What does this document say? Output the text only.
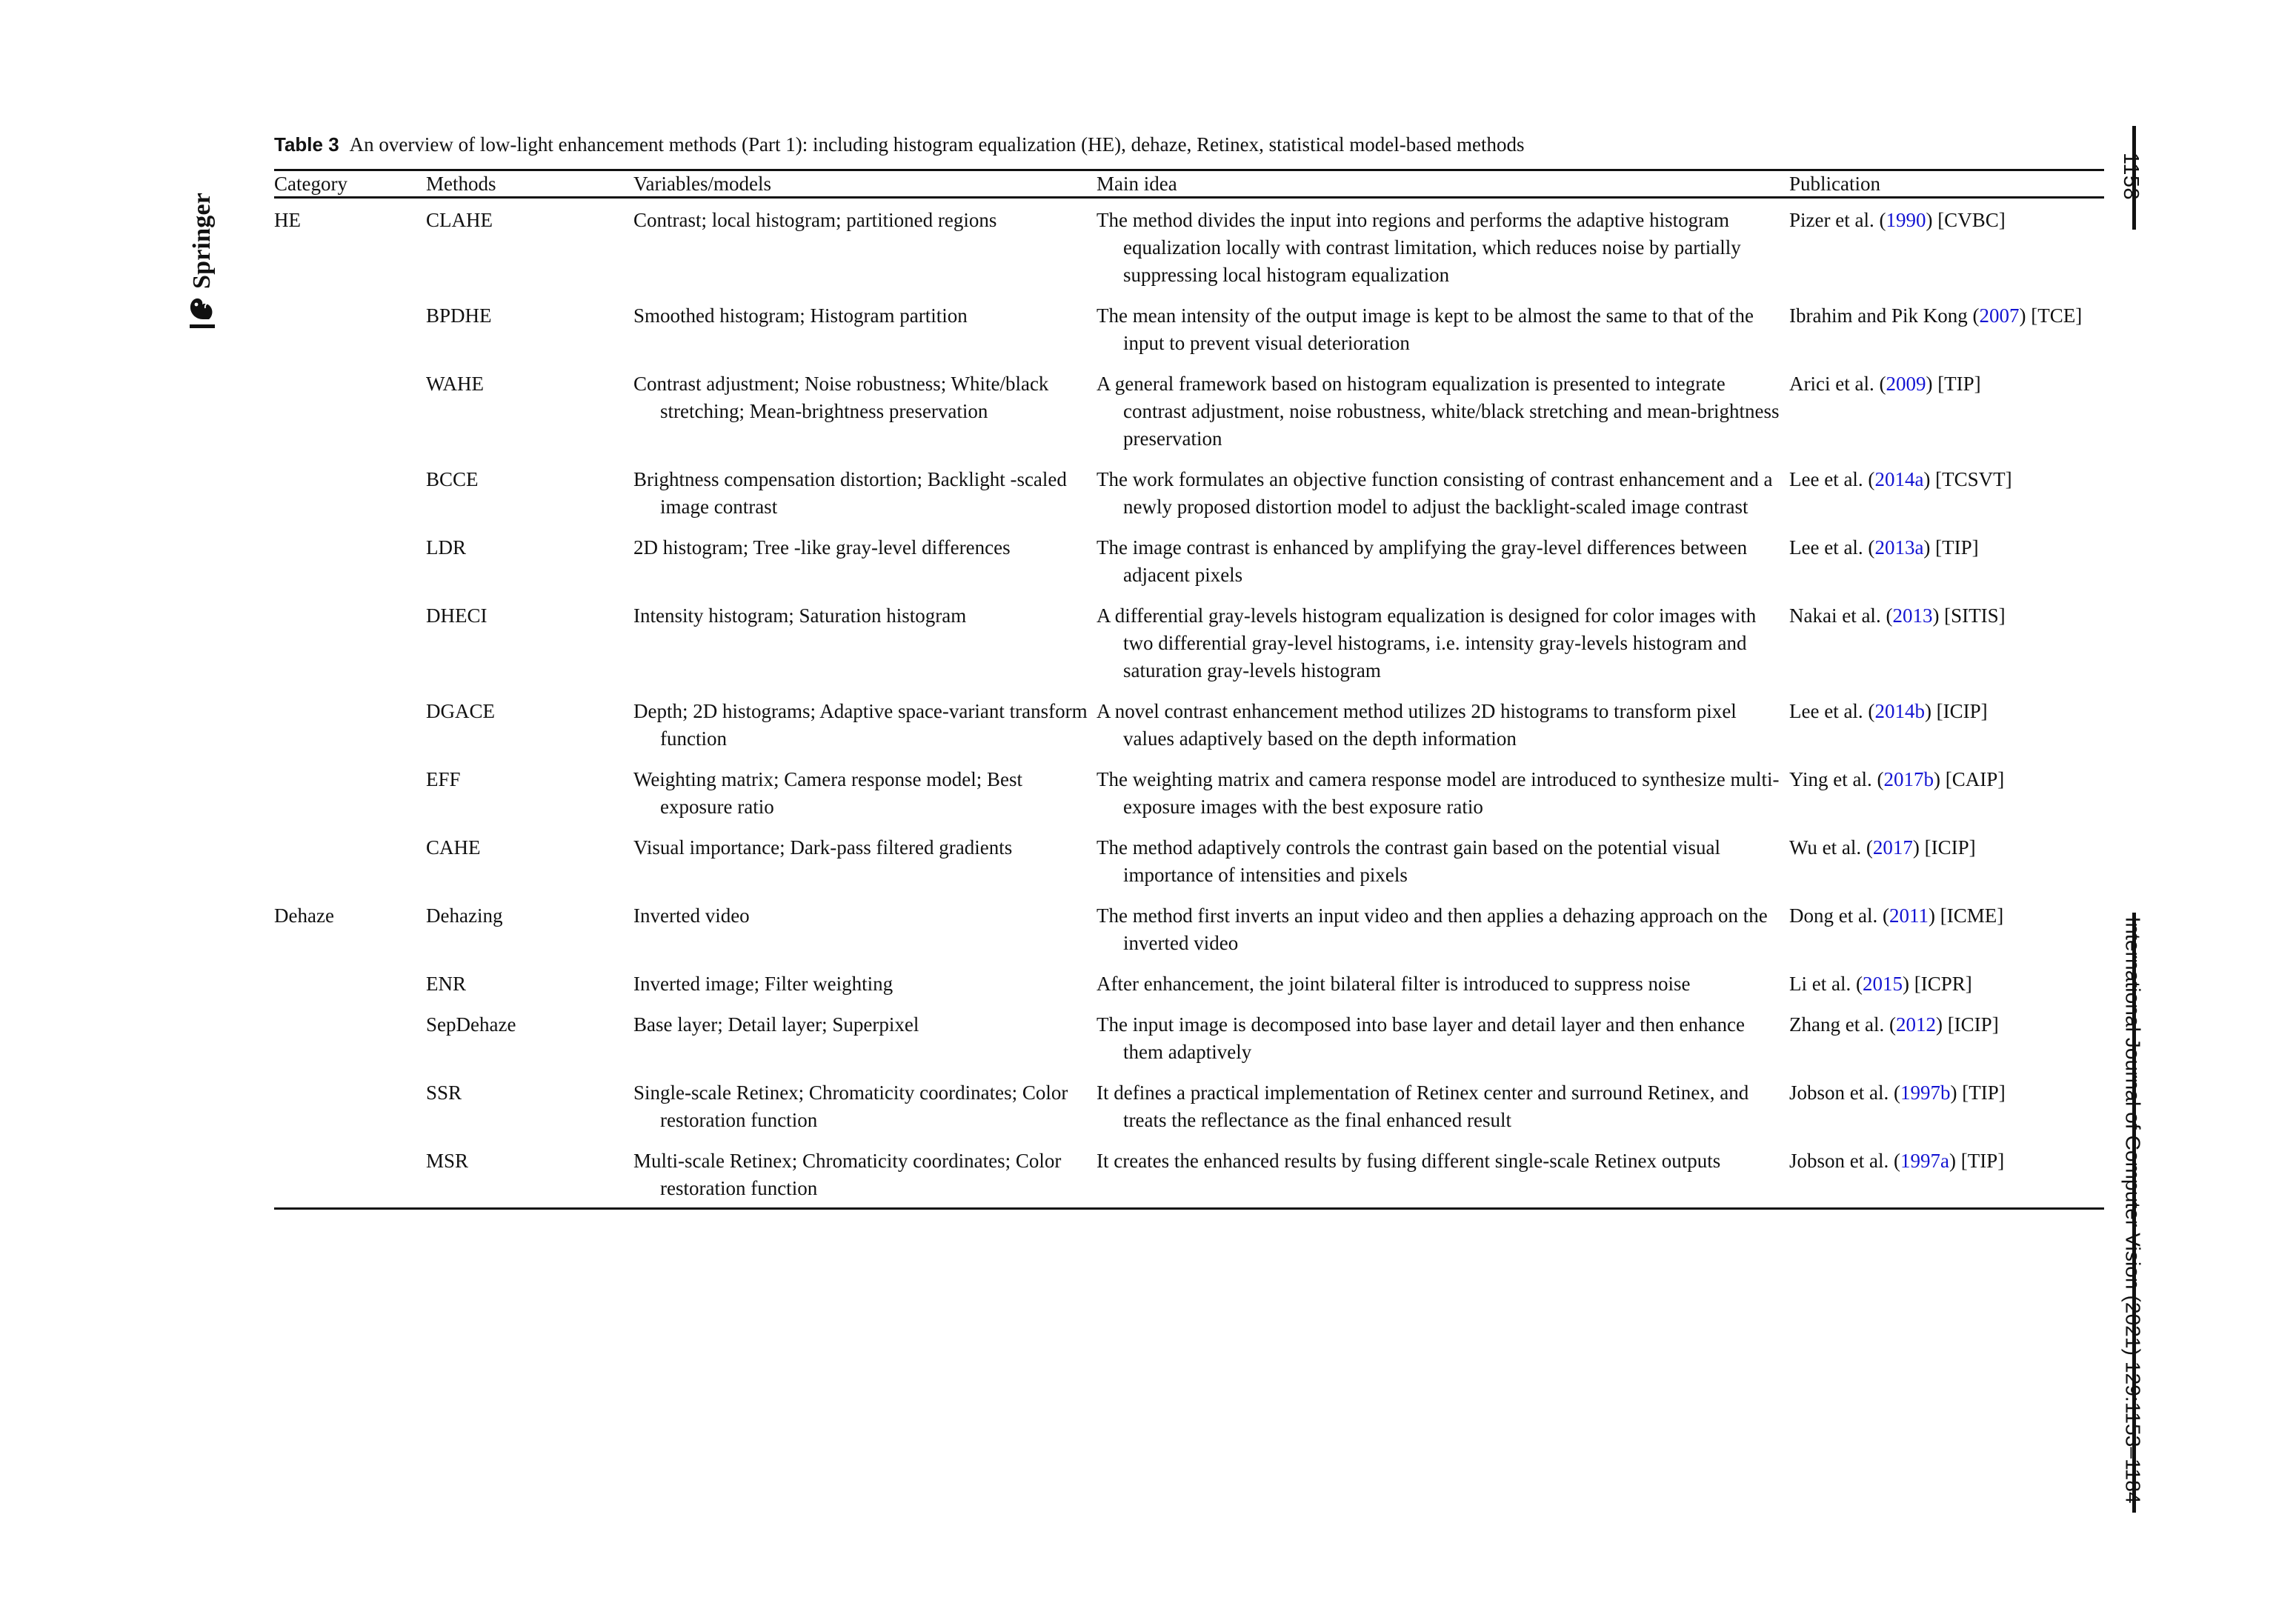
Springer
1158
International Journal of Computer Vision (2021) 129:1153–1184
Table 3 An overview of low-light enhancement methods (Part 1): including histogram equalization (HE), dehaze, Retinex, statistical model-based methods

Category	Methods	Variables/models	Main idea	Publication

HE	CLAHE	Contrast; local histogram; partitioned regions	The method divides the input into regions and performs the adaptive histogram equalization locally with contrast limitation, which reduces noise by partially suppressing local histogram equalization	Pizer et al. (1990) [CVBC]

	BPDHE	Smoothed histogram; Histogram partition	The mean intensity of the output image is kept to be almost the same to that of the input to prevent visual deterioration	Ibrahim and Pik Kong (2007) [TCE]

	WAHE	Contrast adjustment; Noise robustness; White/black stretching; Mean-brightness preservation	A general framework based on histogram equalization is presented to integrate contrast adjustment, noise robustness, white/black stretching and mean-brightness preservation	Arici et al. (2009) [TIP]

	BCCE	Brightness compensation distortion; Backlight -scaled image contrast	The work formulates an objective function consisting of contrast enhancement and a newly proposed distortion model to adjust the backlight-scaled image contrast	Lee et al. (2014a) [TCSVT]

	LDR	2D histogram; Tree -like gray-level differences	The image contrast is enhanced by amplifying the gray-level differences between adjacent pixels	Lee et al. (2013a) [TIP]

	DHECI	Intensity histogram; Saturation histogram	A differential gray-levels histogram equalization is designed for color images with two differential gray-level histograms, i.e. intensity gray-levels histogram and saturation gray-levels histogram	Nakai et al. (2013) [SITIS]

	DGACE	Depth; 2D histograms; Adaptive space-variant transform function	A novel contrast enhancement method utilizes 2D histograms to transform pixel values adaptively based on the depth information	Lee et al. (2014b) [ICIP]

	EFF	Weighting matrix; Camera response model; Best exposure ratio	The weighting matrix and camera response model are introduced to synthesize multi-exposure images with the best exposure ratio	Ying et al. (2017b) [CAIP]

	CAHE	Visual importance; Dark-pass filtered gradients	The method adaptively controls the contrast gain based on the potential visual importance of intensities and pixels	Wu et al. (2017) [ICIP]

Dehaze	Dehazing	Inverted video	The method first inverts an input video and then applies a dehazing approach on the inverted video	Dong et al. (2011) [ICME]

	ENR	Inverted image; Filter weighting	After enhancement, the joint bilateral filter is introduced to suppress noise	Li et al. (2015) [ICPR]

	SepDehaze	Base layer; Detail layer; Superpixel	The input image is decomposed into base layer and detail layer and then enhance them adaptively	Zhang et al. (2012) [ICIP]

	SSR	Single-scale Retinex; Chromaticity coordinates; Color restoration function	It defines a practical implementation of Retinex center and surround Retinex, and treats the reflectance as the final enhanced result	Jobson et al. (1997b) [TIP]

	MSR	Multi-scale Retinex; Chromaticity coordinates; Color restoration function	It creates the enhanced results by fusing different single-scale Retinex outputs	Jobson et al. (1997a) [TIP]
